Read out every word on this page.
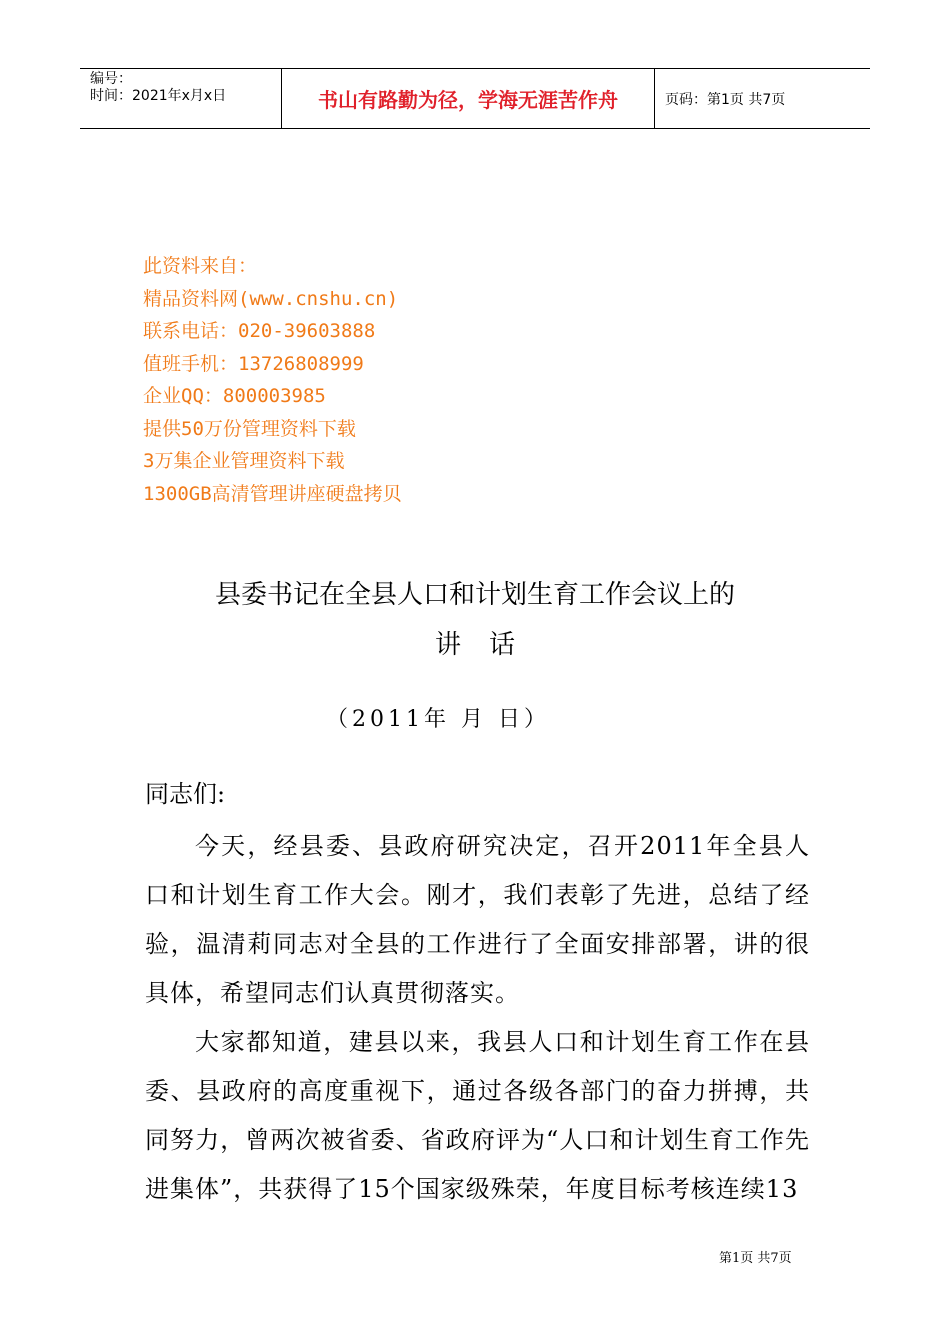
编号：
时间：2021年x月x日	书山有路勤为径，学海无涯苦作舟	页码：第1页 共7页
此资料来自：
精品资料网(www.cnshu.cn)
联系电话：020-39603888
值班手机：13726808999
企业QQ：800003985
提供50万份管理资料下载
3万集企业管理资料下载
1300GB高清管理讲座硬盘拷贝
县委书记在全县人口和计划生育工作会议上的
讲话
（2011年 月 日）
同志们:
今天，经县委、县政府研究决定，召开2011年全县人口和计划生育工作大会。刚才，我们表彰了先进，总结了经验，温清莉同志对全县的工作进行了全面安排部署，讲的很具体，希望同志们认真贯彻落实。
大家都知道，建县以来，我县人口和计划生育工作在县委、县政府的高度重视下，通过各级各部门的奋力拼搏，共同努力，曾两次被省委、省政府评为“人口和计划生育工作先进集体”，共获得了15个国家级殊荣，年度目标考核连续13
第1页 共7页
